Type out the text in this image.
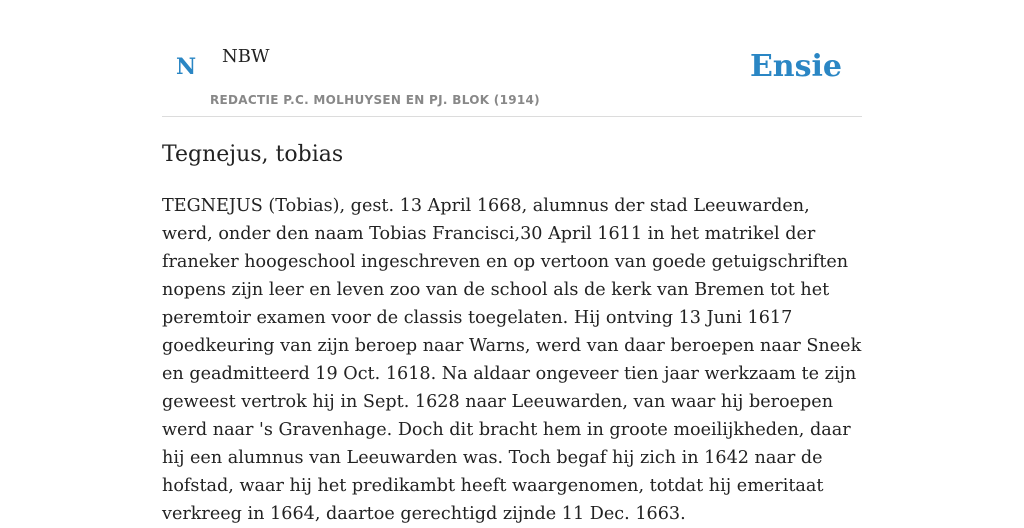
N NBW
REDACTIE P.C. MOLHUYSEN EN PJ. BLOK (1914)
Ensie
Tegnejus, tobias

TEGNEJUS (Tobias), gest. 13 April 1668, alumnus der stad Leeuwarden, werd, onder den naam Tobias Francisci,30 April 1611 in het matrikel der franeker hoogeschool ingeschreven en op vertoon van goede getuigschriften nopens zijn leer en leven zoo van de school als de kerk van Bremen tot het peremtoir examen voor de classis toegelaten. Hij ontving 13 Juni 1617 goedkeuring van zijn beroep naar Warns, werd van daar beroepen naar Sneek en geadmitteerd 19 Oct. 1618. Na aldaar ongeveer tien jaar werkzaam te zijn geweest vertrok hij in Sept. 1628 naar Leeuwarden, van waar hij beroepen werd naar 's Gravenhage. Doch dit bracht hem in groote moeilijkheden, daar hij een alumnus van Leeuwarden was. Toch begaf hij zich in 1642 naar de hofstad, waar hij het predikambt heeft waargenomen, totdat hij emeritaat verkreeg in 1664, daartoe gerechtigd zijnde 11 Dec. 1663.
